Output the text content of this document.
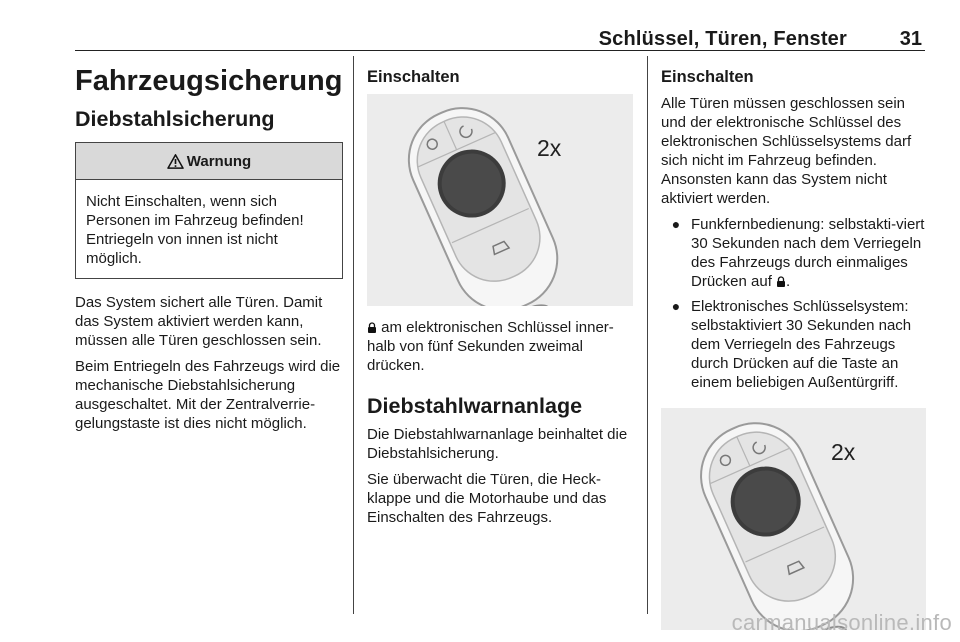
Schlüssel, Türen, Fenster	31
Fahrzeugsicherung
Diebstahlsicherung
Warnung
Nicht Einschalten, wenn sich Personen im Fahrzeug befinden! Entriegeln von innen ist nicht möglich.

Das System sichert alle Türen. Damit das System aktiviert werden kann, müssen alle Türen geschlossen sein.

Beim Entriegeln des Fahrzeugs wird die mechanische Diebstahlsicherung ausgeschaltet. Mit der Zentralverrie-gelungstaste ist dies nicht möglich.

Einschalten
2x

am elektronischen Schlüssel inner-halb von fünf Sekunden zweimal drücken.

Diebstahlwarnanlage

Die Diebstahlwarnanlage beinhaltet die Diebstahlsicherung.

Sie überwacht die Türen, die Heck-klappe und die Motorhaube und das Einschalten des Fahrzeugs.

Einschalten

Alle Türen müssen geschlossen sein und der elektronische Schlüssel des elektronischen Schlüsselsystems darf sich nicht im Fahrzeug befinden. Ansonsten kann das System nicht aktiviert werden.

● Funkfernbedienung: selbstakti-viert 30 Sekunden nach dem Verriegeln des Fahrzeugs durch einmaliges Drücken auf .
● Elektronisches Schlüsselsystem: selbstaktiviert 30 Sekunden nach dem Verriegeln des Fahrzeugs durch Drücken auf die Taste an einem beliebigen Außentürgriff.
2x
carmanualsonline.info
